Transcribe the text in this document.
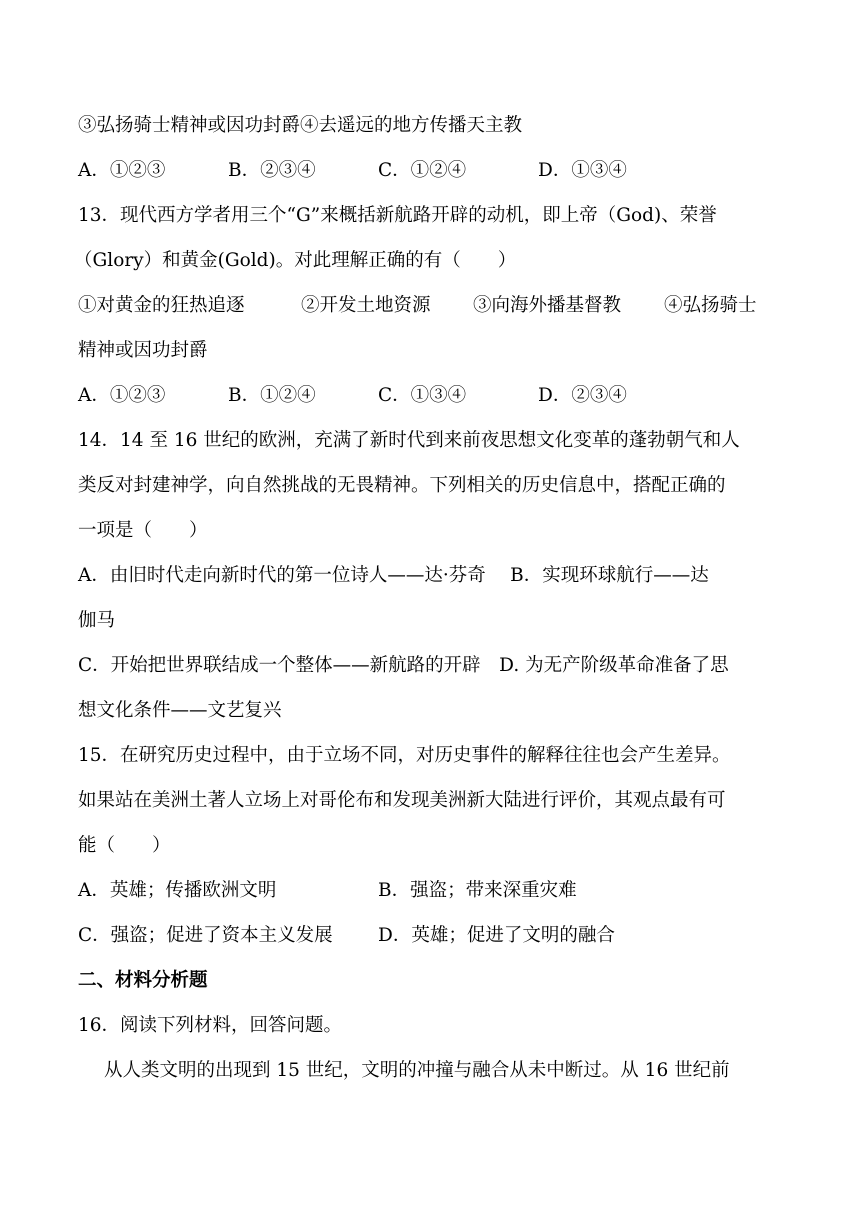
③弘扬骑士精神或因功封爵④去遥远的地方传播天主教
A．①②③	B．②③④	C．①②④	D．①③④
13．现代西方学者用三个“G”来概括新航路开辟的动机，即上帝（God)、荣誉
（Glory）和黄金(Gold)。对此理解正确的有（　　）
①对黄金的狂热追逐	②开发土地资源 ③向海外播基督教 ④弘扬骑士
精神或因功封爵
A．①②③	B．①②④	C．①③④	D．②③④
14．14 至 16 世纪的欧洲，充满了新时代到来前夜思想文化变革的蓬勃朝气和人
类反对封建神学，向自然挑战的无畏精神。下列相关的历史信息中，搭配正确的
一项是（　　）
A．由旧时代走向新时代的第一位诗人——达·芬奇　 B．实现环球航行——达
伽马
C．开始把世界联结成一个整体——新航路的开辟　D. 为无产阶级革命准备了思
想文化条件——文艺复兴
15．在研究历史过程中，由于立场不同，对历史事件的解释往往也会产生差异。
如果站在美洲土著人立场上对哥伦布和发现美洲新大陆进行评价，其观点最有可
能（　　）
A．英雄；传播欧洲文明	B．强盗；带来深重灾难
C．强盗；促进了资本主义发展 D．英雄；促进了文明的融合
二、材料分析题
16．阅读下列材料，回答问题。
从人类文明的出现到 15 世纪，文明的冲撞与融合从未中断过。从 16 世纪前
